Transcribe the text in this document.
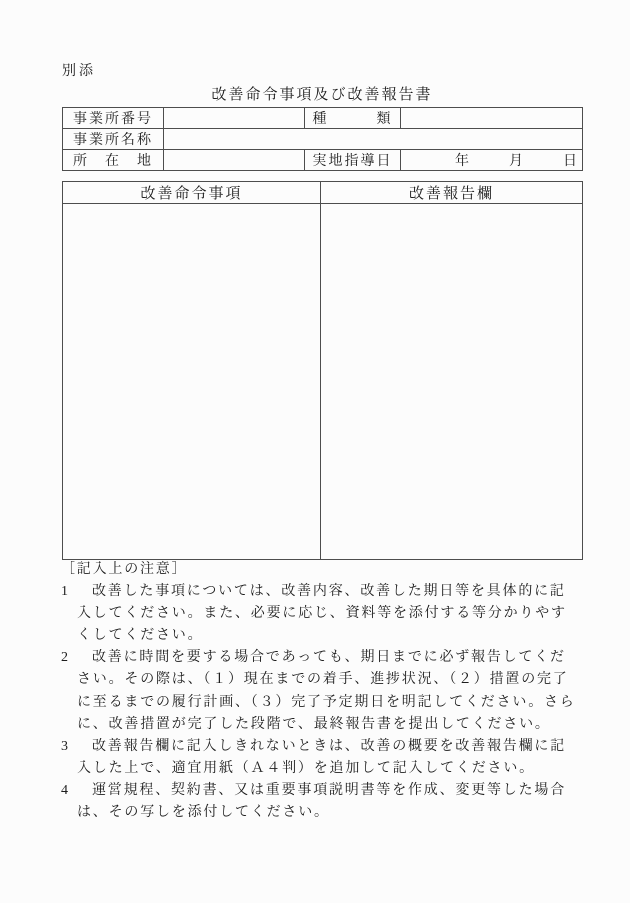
別添
改善命令事項及び改善報告書
事業所番号		種　　　類	
事業所名称			
所　在　地		実地指導日	年 月 日
改善命令事項	改善報告欄

［記入上の注意］
1 改善した事項については、改善内容、改善した期日等を具体的に記
入してください。また、必要に応じ、資料等を添付する等分かりやす
くしてください。
2 改善に時間を要する場合であっても、期日までに必ず報告してくだ
さい。その際は、（１）現在までの着手、進捗状況、（２）措置の完了
に至るまでの履行計画、（３）完了予定期日を明記してください。さら
に、改善措置が完了した段階で、最終報告書を提出してください。
3 改善報告欄に記入しきれないときは、改善の概要を改善報告欄に記
入した上で、適宜用紙（Ａ４判）を追加して記入してください。
4 運営規程、契約書、又は重要事項説明書等を作成、変更等した場合
は、その写しを添付してください。
